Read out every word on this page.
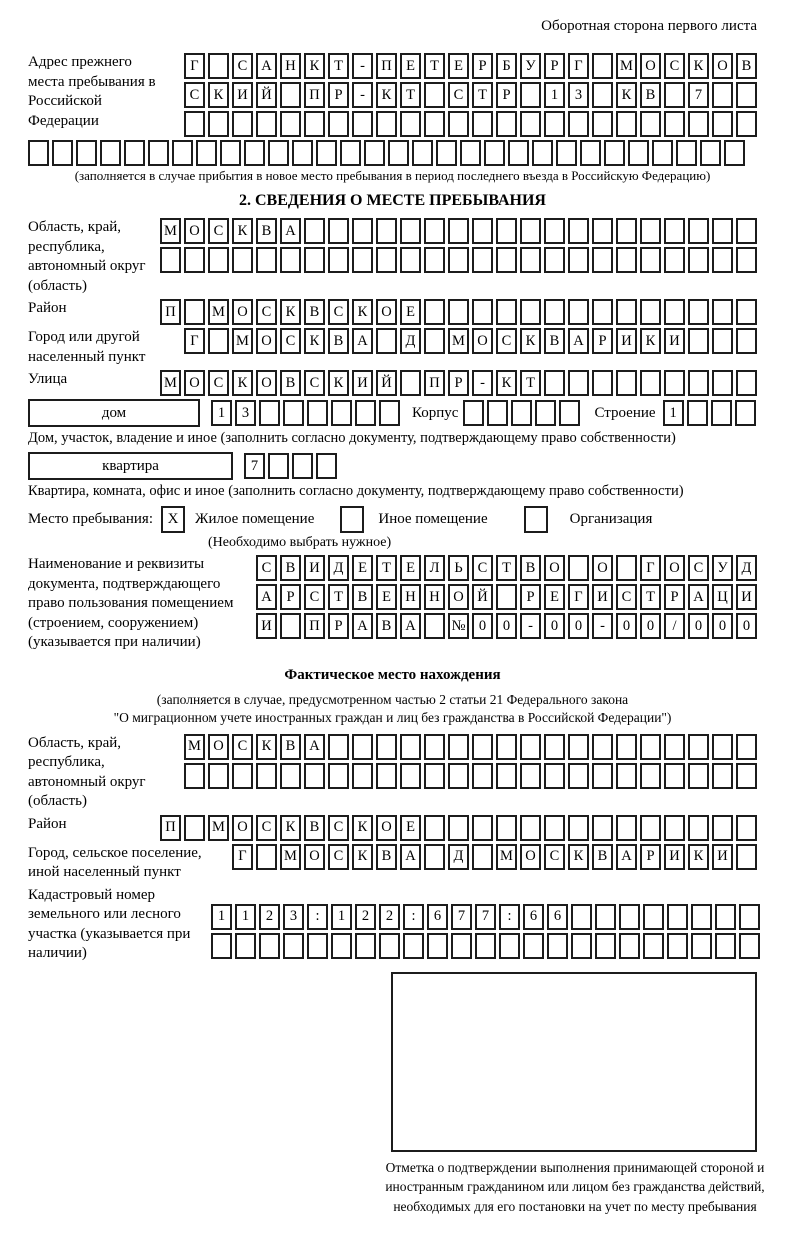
Оборотная сторона первого листа
Адрес прежнего места пребывания в Российской Федерации
Г	С А Н К	Т	-	П Е	Т	Е	Р	Б	У	Р	Г	М О С К О В
С К И Й	П	Р	-	К	Т	С	Т	Р	1	3	К В	7
(заполняется в случае прибытия в новое место пребывания в период последнего въезда в Российскую Федерацию)
2. СВЕДЕНИЯ О МЕСТЕ ПРЕБЫВАНИЯ
Область, край, республика, автономный округ (область)
М О С К В А
Район	П	М О С К В С К О Е
Город или другой населенный пункт
Г	М О С К В А	Д	М О С К В А	Р	И К И
Улица	М О С К О В С К И Й	П	Р	-	К	Т
дом	1	3	Корпус	Строение 1
Дом, участок, владение и иное (заполнить согласно документу, подтверждающему право собственности)
квартира	7
Квартира, комната, офис и иное (заполнить согласно документу, подтверждающему право собственности)
Место пребывания: X	Жилое помещение	Иное помещение	Организация
(Необходимо выбрать нужное)
Наименование и реквизиты документа, подтверждающего право пользования помещением (строением, сооружением) (указывается при наличии)
С В И Д	Е	Т	Е	Л	Ь	С	Т	В О	О	Г	О С У Д
А	Р	С	Т	В	Е Н Н О Й	Р	Е	Г	И С	Т	Р	А Ц И
И	П	Р	А В А	№ 0	0	-	0	0	-	0	0	/	0	0	0
Фактическое место нахождения
(заполняется в случае, предусмотренном частью 2 статьи 21 Федерального закона
"О миграционном учете иностранных граждан и лиц без гражданства в Российской Федерации")
Область, край, республика, автономный округ (область)
М О С К В А
Район	П	М О С К В С К О Е
Город, сельское поселение, иной населенный пункт
Г	М О С К В А	Д	М О С К В А	Р	И К И
Кадастровый номер земельного или лесного участка (указывается при наличии)
1	1	2	3	:	1	2	2	:	6	7	7	:	6	6
Отметка о подтверждении выполнения принимающей стороной и иностранным гражданином или лицом без гражданства действий, необходимых для его постановки на учет по месту пребывания
